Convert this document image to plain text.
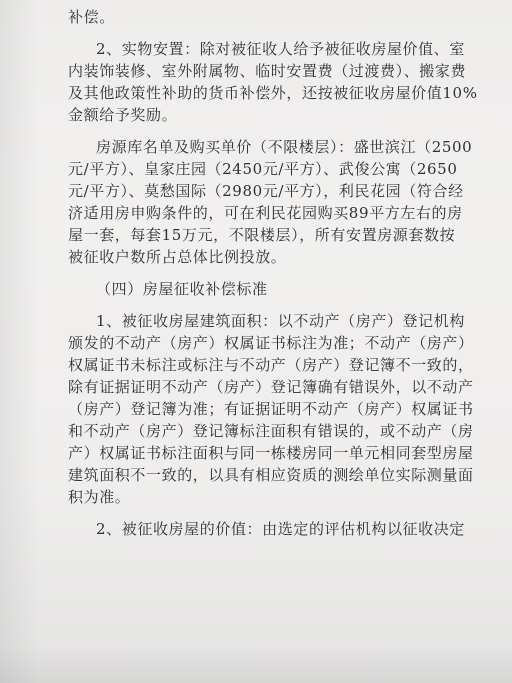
补偿。
2、实物安置：除对被征收人给予被征收房屋价值、室
内装饰装修、室外附属物、临时安置费（过渡费）、搬家费
及其他政策性补助的货币补偿外，还按被征收房屋价值10%
金额给予奖励。
房源库名单及购买单价（不限楼层）：盛世滨江（2500
元/平方）、皇家庄园（2450元/平方）、武俊公寓（2650
元/平方）、莫愁国际（2980元/平方），利民花园（符合经
济适用房申购条件的，可在利民花园购买89平方左右的房
屋一套，每套15万元，不限楼层），所有安置房源套数按
被征收户数所占总体比例投放。
（四）房屋征收补偿标准
1、被征收房屋建筑面积：以不动产（房产）登记机构
颁发的不动产（房产）权属证书标注为准；不动产（房产）
权属证书未标注或标注与不动产（房产）登记簿不一致的，
除有证据证明不动产（房产）登记簿确有错误外，以不动产
（房产）登记簿为准；有证据证明不动产（房产）权属证书
和不动产（房产）登记簿标注面积有错误的，或不动产（房
产）权属证书标注面积与同一栋楼房同一单元相同套型房屋
建筑面积不一致的，以具有相应资质的测绘单位实际测量面
积为准。
2、被征收房屋的价值：由选定的评估机构以征收决定
